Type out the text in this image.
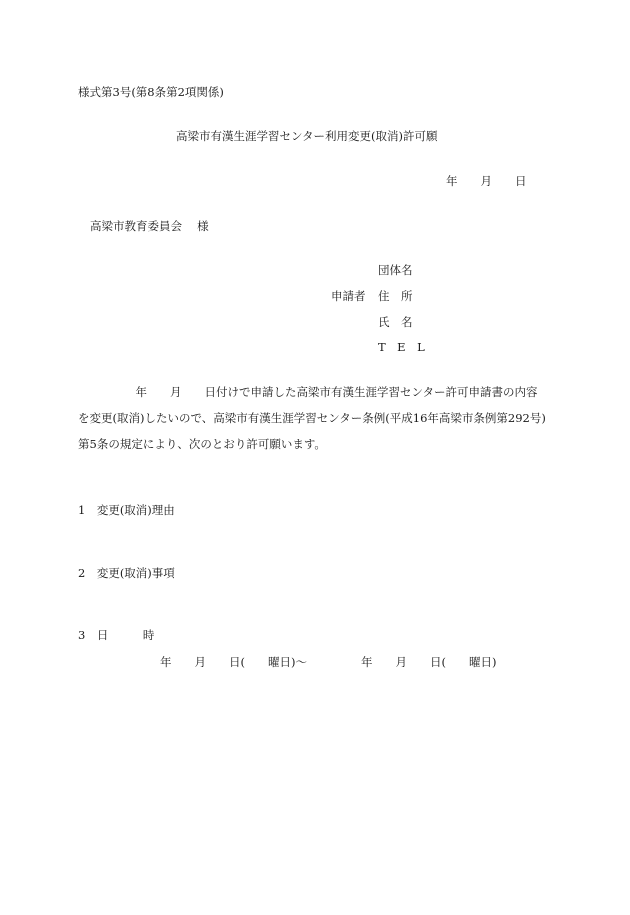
様式第3号(第8条第2項関係)
高梁市有漢生涯学習センター利用変更(取消)許可願
年　　月　　日
高梁市教育委員会　 様
団体名
申請者 住　所
氏　名
T　E　L
　　　　　年　　月　　日付けで申請した高梁市有漢生涯学習センター許可申請書の内容
を変更(取消)したいので、高梁市有漢生涯学習センター条例(平成16年高梁市条例第292号)
第5条の規定により、次のとおり許可願います。
1　変更(取消)理由
2　変更(取消)事項
3　日　　　時
年　　月　　日(　　曜日)～	年　　月　　日(　　曜日)
